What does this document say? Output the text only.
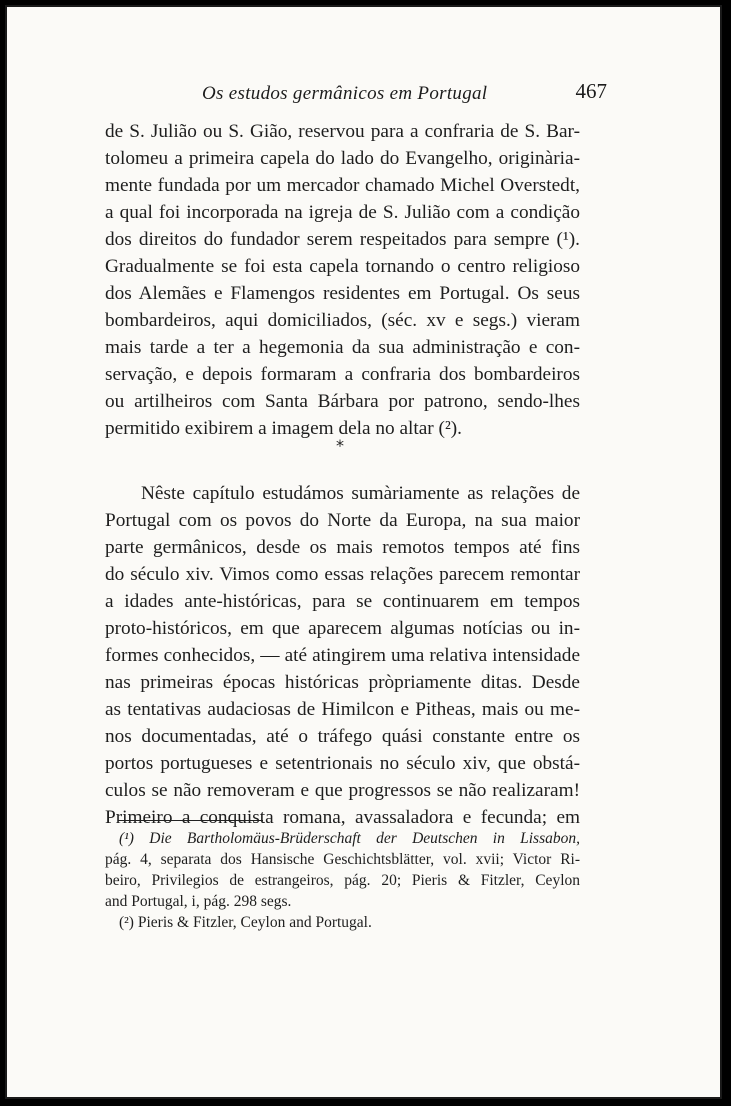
Os estudos germânicos em Portugal	467
de S. Julião ou S. Gião, reservou para a confraria de S. Bar-
tolomeu a primeira capela do lado do Evangelho, originària-
mente fundada por um mercador chamado Michel Overstedt,
a qual foi incorporada na igreja de S. Julião com a condição
dos direitos do fundador serem respeitados para sempre (¹).
Gradualmente se foi esta capela tornando o centro religioso
dos Alemães e Flamengos residentes em Portugal. Os seus
bombardeiros, aqui domiciliados, (séc. xv e segs.) vieram
mais tarde a ter a hegemonia da sua administração e con-
servação, e depois formaram a confraria dos bombardeiros
ou artilheiros com Santa Bárbara por patrono, sendo-lhes
permitido exibirem a imagem dela no altar (²).
*
Nêste capítulo estudámos sumàriamente as relações de
Portugal com os povos do Norte da Europa, na sua maior
parte germânicos, desde os mais remotos tempos até fins
do século xiv. Vimos como essas relações parecem remontar
a idades ante-históricas, para se continuarem em tempos
proto-históricos, em que aparecem algumas notícias ou in-
formes conhecidos, — até atingirem uma relativa intensidade
nas primeiras épocas históricas pròpriamente ditas. Desde
as tentativas audaciosas de Himilcon e Pitheas, mais ou me-
nos documentadas, até o tráfego quási constante entre os
portos portugueses e setentrionais no século xiv, que obstá-
culos se não removeram e que progressos se não realizaram!
Primeiro a conquista romana, avassaladora e fecunda; em
(¹) Die Bartholomäus-Brüderschaft der Deutschen in Lissabon,
pág. 4, separata dos Hansische Geschichtsblätter, vol. xvii; Victor Ri-
beiro, Privilegios de estrangeiros, pág. 20; Pieris & Fitzler, Ceylon
and Portugal, i, pág. 298 segs.
(²) Pieris & Fitzler, Ceylon and Portugal.
